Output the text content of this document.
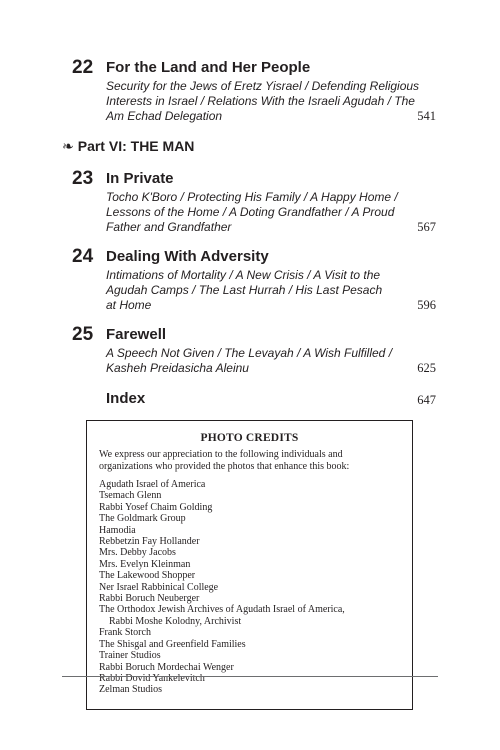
22 For the Land and Her People

Security for the Jews of Eretz Yisrael / Defending Religious
Interests in Israel / Relations With the Israeli Agudah / The
Am Echad Delegation	541
❧ Part VI: THE MAN
23 In Private

Tocho K'Boro / Protecting His Family / A Happy Home /
Lessons of the Home / A Doting Grandfather / A Proud
Father and Grandfather	567
24 Dealing With Adversity

Intimations of Mortality / A New Crisis / A Visit to the
Agudah Camps / The Last Hurrah / His Last Pesach
at Home	596
25 Farewell

A Speech Not Given / The Levayah / A Wish Fulfilled /
Kasheh Preidasicha Aleinu	625
Index	647
PHOTO CREDITS
We express our appreciation to the following individuals and
organizations who provided the photos that enhance this book:
Agudath Israel of America
Tsemach Glenn
Rabbi Yosef Chaim Golding
The Goldmark Group
Hamodia
Rebbetzin Fay Hollander
Mrs. Debby Jacobs
Mrs. Evelyn Kleinman
The Lakewood Shopper
Ner Israel Rabbinical College
Rabbi Boruch Neuberger
The Orthodox Jewish Archives of Agudath Israel of America,
Rabbi Moshe Kolodny, Archivist
Frank Storch
The Shisgal and Greenfield Families
Trainer Studios
Rabbi Boruch Mordechai Wenger
Rabbi Dovid Yankelevitch
Zelman Studios
